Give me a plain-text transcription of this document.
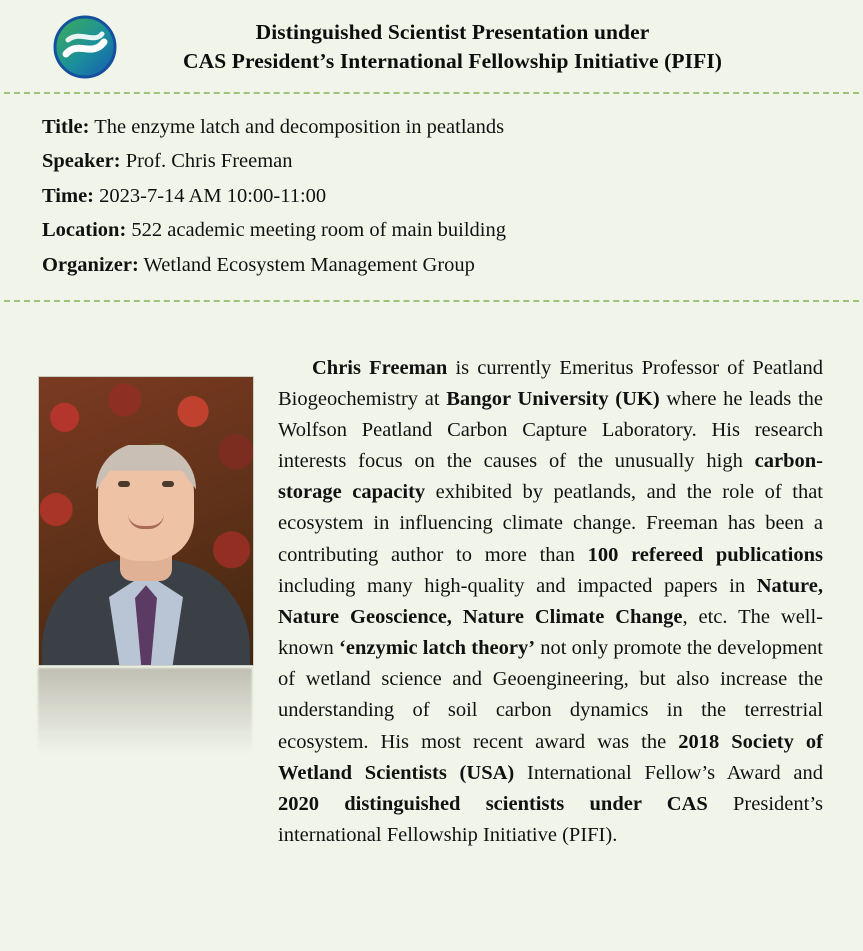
Distinguished Scientist Presentation under
CAS President’s International Fellowship Initiative (PIFI)
Title: The enzyme latch and decomposition in peatlands
Speaker: Prof. Chris Freeman
Time: 2023-7-14 AM 10:00-11:00
Location: 522 academic meeting room of main building
Organizer: Wetland Ecosystem Management Group

Chris Freeman is currently Emeritus Professor of Peatland Biogeochemistry at Bangor University (UK) where he leads the Wolfson Peatland Carbon Capture Laboratory. His research interests focus on the causes of the unusually high carbon-storage capacity exhibited by peatlands, and the role of that ecosystem in influencing climate change. Freeman has been a contributing author to more than 100 refereed publications including many high-quality and impacted papers in Nature, Nature Geoscience, Nature Climate Change, etc. The well-known ‘enzymic latch theory’ not only promote the development of wetland science and Geoengineering, but also increase the understanding of soil carbon dynamics in the terrestrial ecosystem. His most recent award was the 2018 Society of Wetland Scientists (USA) International Fellow’s Award and 2020 distinguished scientists under CAS President’s international Fellowship Initiative (PIFI).
